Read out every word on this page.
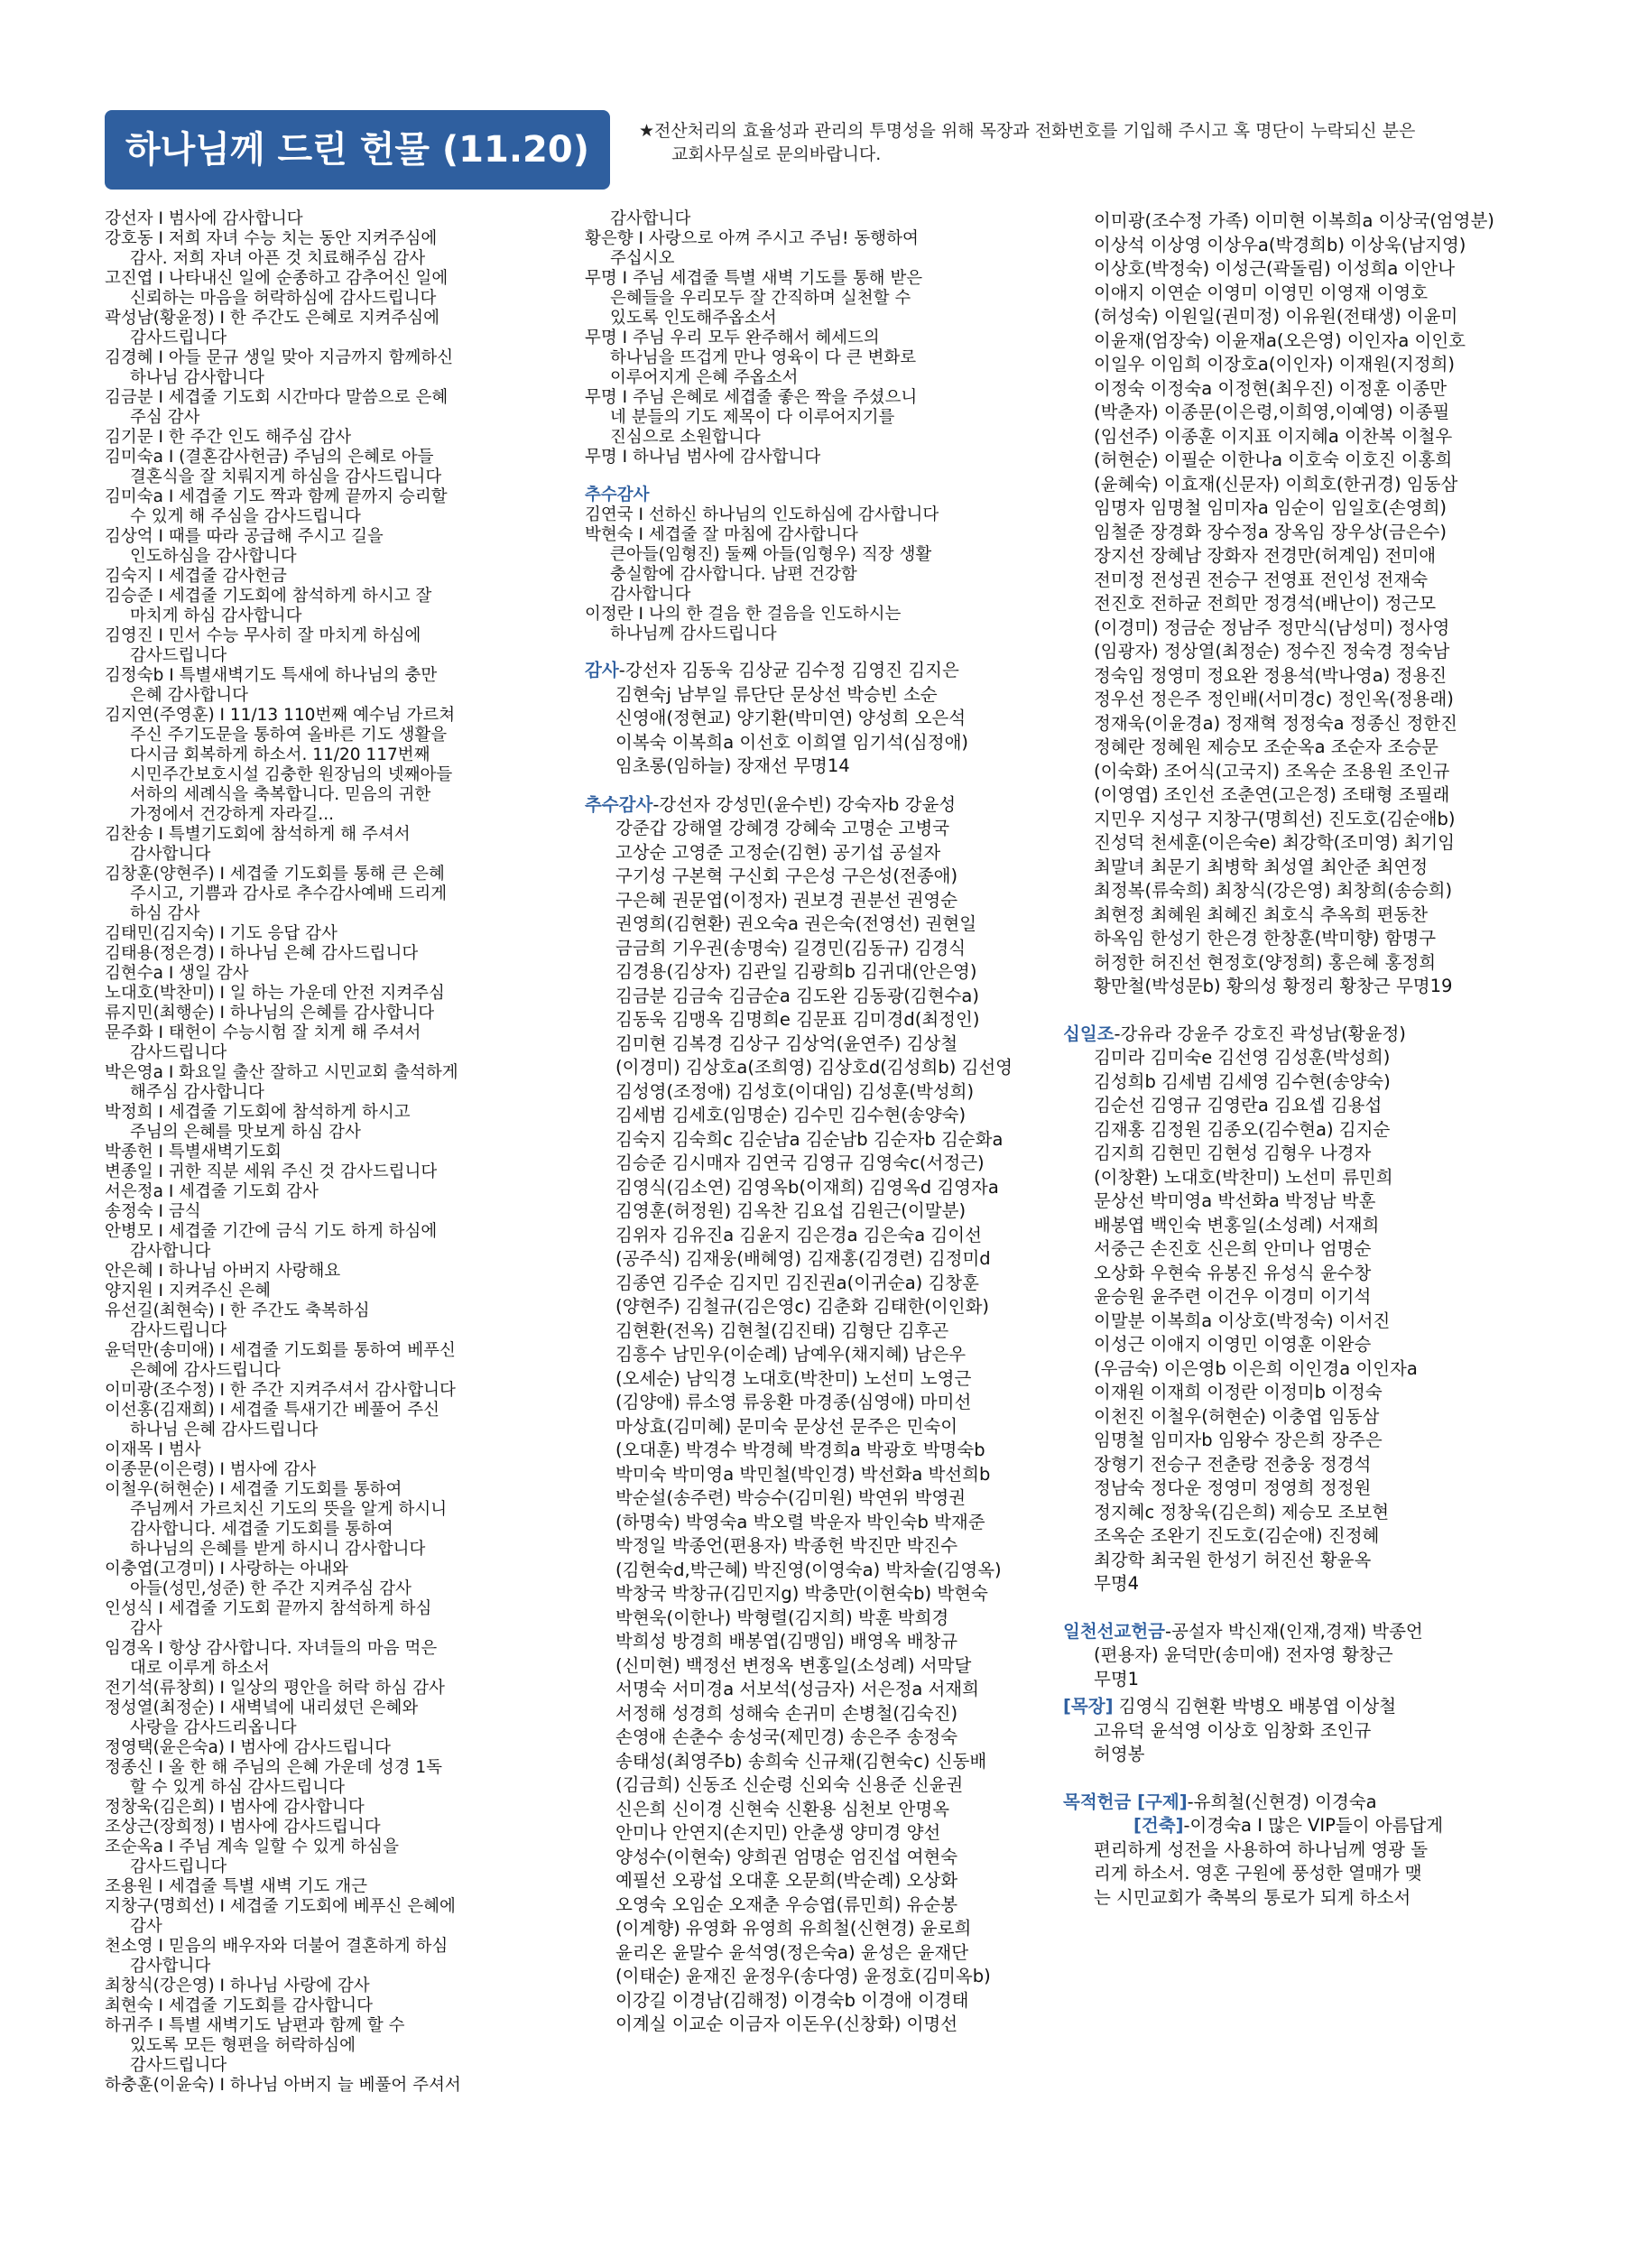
하나님께 드린 헌물 (11.20)	★전산처리의 효율성과 관리의 투명성을 위해 목장과 전화번호를 기입해 주시고 혹 명단이 누락되신 분은
교회사무실로 문의바랍니다.
강선자 I 범사에 감사합니다
강호동 I 저희 자녀 수능 치는 동안 지켜주심에
감사. 저희 자녀 아픈 것 치료해주심 감사
고진엽 I 나타내신 일에 순종하고 감추어신 일에
신뢰하는 마음을 허락하심에 감사드립니다
곽성남(황윤정) I 한 주간도 은혜로 지켜주심에
감사드립니다
김경혜 I 아들 문규 생일 맞아 지금까지 함께하신
하나님 감사합니다
김금분 I 세겹줄 기도회 시간마다 말씀으로 은혜
주심 감사
김기문 I 한 주간 인도 해주심 감사
김미숙a I (결혼감사헌금) 주님의 은혜로 아들
결혼식을 잘 치뤄지게 하심을 감사드립니다
김미숙a I 세겹줄 기도 짝과 함께 끝까지 승리할
수 있게 해 주심을 감사드립니다
김상억 I 때를 따라 공급해 주시고 길을
인도하심을 감사합니다
김숙지 I 세겹줄 감사헌금
김승준 I 세겹줄 기도회에 참석하게 하시고 잘
마치게 하심 감사합니다
김영진 I 민서 수능 무사히 잘 마치게 하심에
감사드립니다
김정숙b I 특별새벽기도 특새에 하나님의 충만
은혜 감사합니다
김지연(주영훈) I 11/13 110번째 예수님 가르쳐
주신 주기도문을 통하여 올바른 기도 생활을
다시금 회복하게 하소서. 11/20 117번째
시민주간보호시설 김충한 원장님의 넷째아들
서하의 세례식을 축복합니다. 믿음의 귀한
가정에서 건강하게 자라길...
김찬송 I 특별기도회에 참석하게 해 주셔서
감사합니다
김창훈(양현주) I 세겹줄 기도회를 통해 큰 은혜
주시고, 기쁨과 감사로 추수감사예배 드리게
하심 감사
김태민(김지숙) I 기도 응답 감사
김태용(정은경) I 하나님 은혜 감사드립니다
김현수a I 생일 감사
노대호(박찬미) I 일 하는 가운데 안전 지켜주심
류지민(최행순) I 하나님의 은혜를 감사합니다
문주화 I 태헌이 수능시험 잘 치게 해 주셔서
감사드립니다
박은영a I 화요일 출산 잘하고 시민교회 출석하게
해주심 감사합니다
박정희 I 세겹줄 기도회에 참석하게 하시고
주님의 은혜를 맛보게 하심 감사
박종헌 I 특별새벽기도회
변종일 I 귀한 직분 세워 주신 것 감사드립니다
서은정a I 세겹줄 기도회 감사
송정숙 I 금식
안병모 I 세겹줄 기간에 금식 기도 하게 하심에
감사합니다
안은혜 I 하나님 아버지 사랑해요
양지원 I 지켜주신 은혜
유선길(최현숙) I 한 주간도 축복하심
감사드립니다
윤덕만(송미애) I 세겹줄 기도회를 통하여 베푸신
은혜에 감사드립니다
이미광(조수정) I 한 주간 지켜주셔서 감사합니다
이선홍(김재희) I 세겹줄 특새기간 베풀어 주신
하나님 은혜 감사드립니다
이재목 I 범사
이종문(이은령) I 범사에 감사
이철우(허현순) I 세겹줄 기도회를 통하여
주님께서 가르치신 기도의 뜻을 알게 하시니
감사합니다. 세겹줄 기도회를 통하여
하나님의 은혜를 받게 하시니 감사합니다
이충엽(고경미) I 사랑하는 아내와
아들(성민,성준) 한 주간 지켜주심 감사
인성식 I 세겹줄 기도회 끝까지 참석하게 하심
감사
임경옥 I 항상 감사합니다. 자녀들의 마음 먹은
대로 이루게 하소서
전기석(류창희) I 일상의 평안을 허락 하심 감사
정성열(최정순) I 새벽녘에 내리셨던 은혜와
사랑을 감사드리옵니다
정영택(윤은숙a) I 범사에 감사드립니다
정종신 I 올 한 해 주님의 은혜 가운데 성경 1독
할 수 있게 하심 감사드립니다
정창욱(김은희) I 범사에 감사합니다
조상근(장희정) I 범사에 감사드립니다
조순옥a I 주님 계속 일할 수 있게 하심을
감사드립니다
조용원 I 세겹줄 특별 새벽 기도 개근
지창구(명희선) I 세겹줄 기도회에 베푸신 은혜에
감사
천소영 I 믿음의 배우자와 더불어 결혼하게 하심
감사합니다
최창식(강은영) I 하나님 사랑에 감사
최현숙 I 세겹줄 기도회를 감사합니다
하귀주 I 특별 새벽기도 남편과 함께 할 수
있도록 모든 형편을 허락하심에
감사드립니다
하충훈(이윤숙) I 하나님 아버지 늘 베풀어 주셔서
감사합니다
황은향 I 사랑으로 아껴 주시고 주님! 동행하여
주십시오
무명 I 주님 세겹줄 특별 새벽 기도를 통해 받은
은혜들을 우리모두 잘 간직하며 실천할 수
있도록 인도해주옵소서
무명 I 주님 우리 모두 완주해서 헤세드의
하나님을 뜨겁게 만나 영육이 다 큰 변화로
이루어지게 은혜 주옵소서
무명 I 주님 은혜로 세겹줄 좋은 짝을 주셨으니
네 분들의 기도 제목이 다 이루어지기를
진심으로 소원합니다
무명 I 하나님 범사에 감사합니다
추수감사
김연국 I 선하신 하나님의 인도하심에 감사합니다
박현숙 I 세겹줄 잘 마침에 감사합니다
큰아들(임형진) 둘째 아들(임형우) 직장 생활
충실함에 감사합니다. 남편 건강함
감사합니다
이정란 I 나의 한 걸음 한 걸음을 인도하시는
하나님께 감사드립니다
감사-강선자 김동욱 김상균 김수정 김영진 김지은
김현숙j 남부일 류단단 문상선 박승빈 소순
신영애(정현교) 양기환(박미연) 양성희 오은석
이복숙 이복희a 이선호 이희열 임기석(심정애)
임초롱(임하늘) 장재선 무명14
추수감사-강선자 강성민(윤수빈) 강숙자b 강윤성
강준갑 강해열 강혜경 강혜숙 고명순 고병국
고상순 고영준 고정순(김현) 공기섭 공설자
구기성 구본혁 구신회 구은성 구은성(전종애)
구은혜 권문엽(이정자) 권보경 권분선 권영순
권영희(김현환) 권오숙a 권은숙(전영선) 권현일
금금희 기우권(송명숙) 길경민(김동규) 김경식
김경용(김상자) 김관일 김광희b 김귀대(안은영)
김금분 김금숙 김금순a 김도완 김동광(김현수a)
김동욱 김맹옥 김명희e 김문표 김미경d(최정인)
김미현 김복경 김상구 김상억(윤연주) 김상철
(이경미) 김상호a(조희영) 김상호d(김성희b) 김선영
김성영(조정애) 김성호(이대임) 김성훈(박성희)
김세범 김세호(임명순) 김수민 김수현(송양숙)
김숙지 김숙희c 김순남a 김순남b 김순자b 김순화a
김승준 김시매자 김연국 김영규 김영숙c(서정근)
김영식(김소연) 김영옥b(이재희) 김영옥d 김영자a
김영훈(허정원) 김옥찬 김요섭 김원근(이말분)
김위자 김유진a 김윤지 김은경a 김은숙a 김이선
(공주식) 김재웅(배혜영) 김재홍(김경련) 김정미d
김종연 김주순 김지민 김진권a(이귀순a) 김창훈
(양현주) 김철규(김은영c) 김춘화 김태한(이인화)
김현환(전옥) 김현철(김진태) 김형단 김후곤
김흥수 남민우(이순례) 남예우(채지혜) 남은우
(오세순) 남익경 노대호(박찬미) 노선미 노영근
(김양애) 류소영 류웅환 마경종(심영애) 마미선
마상효(김미혜) 문미숙 문상선 문주은 민숙이
(오대훈) 박경수 박경혜 박경희a 박광호 박명숙b
박미숙 박미영a 박민철(박인경) 박선화a 박선희b
박순설(송주련) 박승수(김미원) 박연위 박영권
(하명숙) 박영숙a 박오렬 박운자 박인숙b 박재준
박정일 박종언(편용자) 박종헌 박진만 박진수
(김현숙d,박근혜) 박진영(이영숙a) 박차술(김영옥)
박창국 박창규(김민지g) 박충만(이현숙b) 박현숙
박현욱(이한나) 박형렬(김지희) 박훈 박희경
박희성 방경희 배봉엽(김맹임) 배영옥 배창규
(신미현) 백정선 변정옥 변홍일(소성례) 서막달
서명숙 서미경a 서보석(성금자) 서은정a 서재희
서정해 성경희 성해숙 손귀미 손병철(김숙진)
손영애 손춘수 송성국(제민경) 송은주 송정숙
송태성(최영주b) 송희숙 신규채(김현숙c) 신동배
(김금희) 신동조 신순령 신외숙 신용준 신윤권
신은희 신이경 신현숙 신환용 심천보 안명옥
안미나 안연지(손지민) 안춘생 양미경 양선
양성수(이현숙) 양희권 엄명순 엄진섭 여현숙
예필선 오광섭 오대훈 오문희(박순례) 오상화
오영숙 오임순 오재춘 우승엽(류민희) 유순봉
(이계향) 유영화 유영희 유희철(신현경) 윤로희
윤리온 윤말수 윤석영(정은숙a) 윤성은 윤재단
(이태순) 윤재진 윤정우(송다영) 윤정호(김미옥b)
이강길 이경남(김해정) 이경숙b 이경애 이경태
이계실 이교순 이금자 이돈우(신창화) 이명선
이미광(조수정 가족) 이미현 이복희a 이상국(엄영분)
이상석 이상영 이상우a(박경희b) 이상욱(남지영)
이상호(박정숙) 이성근(곽돌림) 이성희a 이안나
이애지 이연순 이영미 이영민 이영재 이영호
(허성숙) 이원일(권미정) 이유원(전태생) 이윤미
이윤재(엄장숙) 이윤재a(오은영) 이인자a 이인호
이일우 이임희 이장호a(이인자) 이재원(지정희)
이정숙 이정숙a 이정현(최우진) 이정훈 이종만
(박춘자) 이종문(이은령,이희영,이예영) 이종필
(임선주) 이종훈 이지표 이지혜a 이찬복 이철우
(허현순) 이필순 이한나a 이호숙 이호진 이홍희
(윤혜숙) 이효재(신문자) 이희호(한귀경) 임동삼
임명자 임명철 임미자a 임순이 임일호(손영희)
임철준 장경화 장수정a 장옥임 장우상(금은수)
장지선 장혜남 장화자 전경만(허계임) 전미애
전미정 전성권 전승구 전영표 전인성 전재숙
전진호 전하균 전희만 정경석(배난이) 정근모
(이경미) 정금순 정남주 정만식(남성미) 정사영
(임광자) 정상열(최정순) 정수진 정숙경 정숙남
정숙임 정영미 정요완 정용석(박나영a) 정용진
정우선 정은주 정인배(서미경c) 정인옥(정용래)
정재욱(이윤경a) 정재혁 정정숙a 정종신 정한진
정혜란 정혜원 제승모 조순옥a 조순자 조승문
(이숙화) 조어식(고국지) 조옥순 조용원 조인규
(이영엽) 조인선 조춘연(고은정) 조태형 조필래
지민우 지성구 지창구(명희선) 진도호(김순애b)
진성덕 천세훈(이은숙e) 최강학(조미영) 최기임
최말녀 최문기 최병학 최성열 최안준 최연정
최정복(류숙희) 최창식(강은영) 최창희(송승희)
최현정 최혜원 최혜진 최호식 추옥희 편동찬
하옥임 한성기 한은경 한창훈(박미향) 함명구
허정한 허진선 현정호(양정희) 홍은혜 홍정희
황만철(박성문b) 황의성 황정리 황창근 무명19
십일조-강유라 강윤주 강호진 곽성남(황윤정)
김미라 김미숙e 김선영 김성훈(박성희)
김성희b 김세범 김세영 김수현(송양숙)
김순선 김영규 김영란a 김요셉 김용섭
김재홍 김정원 김종오(김수현a) 김지순
김지희 김현민 김현성 김형우 나경자
(이창환) 노대호(박찬미) 노선미 류민희
문상선 박미영a 박선화a 박정남 박훈
배봉엽 백인숙 변홍일(소성례) 서재희
서중근 손진호 신은희 안미나 엄명순
오상화 우현숙 유봉진 유성식 윤수창
윤승원 윤주련 이건우 이경미 이기석
이말분 이복희a 이상호(박정숙) 이서진
이성근 이애지 이영민 이영훈 이완승
(우금숙) 이은영b 이은희 이인경a 이인자a
이재원 이재희 이정란 이정미b 이정숙
이천진 이철우(허현순) 이충엽 임동삼
임명철 임미자b 임왕수 장은희 장주은
장형기 전승구 전춘랑 전충웅 정경석
정남숙 정다운 정영미 정영희 정정원
정지혜c 정창욱(김은희) 제승모 조보현
조옥순 조완기 진도호(김순애) 진정혜
최강학 최국원 한성기 허진선 황윤옥
무명4
일천선교헌금-공설자 박신재(인재,경재) 박종언
(편용자) 윤덕만(송미애) 전자영 황창근
무명1
[목장] 김영식 김현환 박병오 배봉엽 이상철
고유덕 윤석영 이상호 임창화 조인규
허영봉
목적헌금 [구제]-유희철(신현경) 이경숙a
[건축]-이경숙a I 많은 VIP들이 아름답게
편리하게 성전을 사용하여 하나님께 영광 돌
리게 하소서. 영혼 구원에 풍성한 열매가 맺
는 시민교회가 축복의 통로가 되게 하소서
